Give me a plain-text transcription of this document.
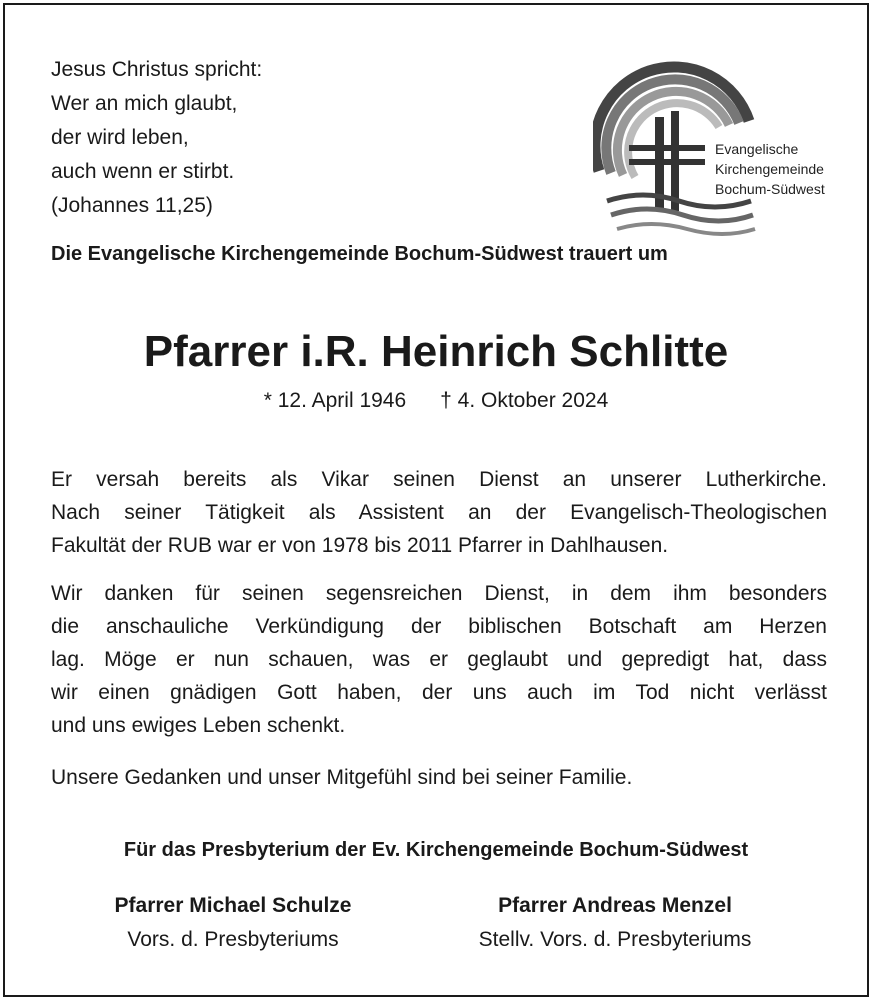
Jesus Christus spricht:
Wer an mich glaubt,
der wird leben,
auch wenn er stirbt.
(Johannes 11,25)
Evangelische
Kirchengemeinde
Bochum-Südwest
Die Evangelische Kirchengemeinde Bochum-Südwest trauert um
Pfarrer i.R. Heinrich Schlitte
* 12. April 1946 † 4. Oktober 2024
Er versah bereits als Vikar seinen Dienst an unserer Lutherkirche.
Nach seiner Tätigkeit als Assistent an der Evangelisch-Theologischen
Fakultät der RUB war er von 1978 bis 2011 Pfarrer in Dahlhausen.
Wir danken für seinen segensreichen Dienst, in dem ihm besonders
die anschauliche Verkündigung der biblischen Botschaft am Herzen
lag. Möge er nun schauen, was er geglaubt und gepredigt hat, dass
wir einen gnädigen Gott haben, der uns auch im Tod nicht verlässt
und uns ewiges Leben schenkt.
Unsere Gedanken und unser Mitgefühl sind bei seiner Familie.
Für das Presbyterium der Ev. Kirchengemeinde Bochum-Südwest
Pfarrer Michael Schulze
Vors. d. Presbyteriums
Pfarrer Andreas Menzel
Stellv. Vors. d. Presbyteriums
